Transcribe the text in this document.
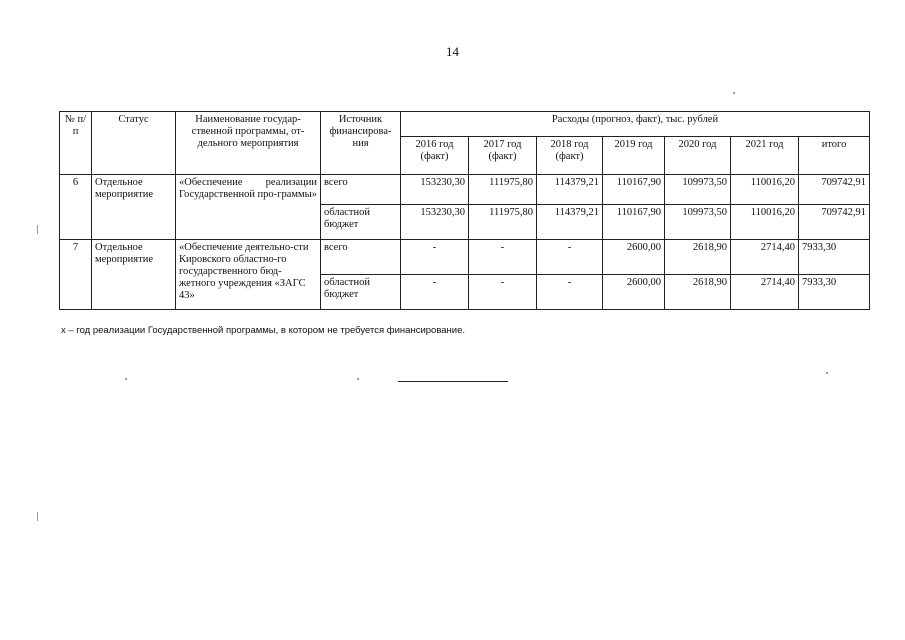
14
№ п/п	Статус	Наименование государ-ственной программы, от-дельного мероприятия	Источник финансирова-ния	Расходы (прогноз, факт), тыс. рублей						
				2016 год (факт)	2017 год (факт)	2018 год (факт)	2019 год	2020 год	2021 год	итого
6	Отдельное мероприятие	«Обеспечение реализации Государственной про-граммы»	всего	153230,30	111975,80	114379,21	110167,90	109973,50	110016,20	709742,91
			областной бюджет	153230,30	111975,80	114379,21	110167,90	109973,50	110016,20	709742,91
7	Отдельное мероприятие	«Обеспечение деятельно-сти Кировского областно-го государственного бюд-жетного учреждения «ЗАГС 43»	всего	-	-	-	2600,00	2618,90	2714,40	7933,30
			областной бюджет	-	-	-	2600,00	2618,90	2714,40	7933,30
x – год реализации Государственной программы, в котором не требуется финансирование.
